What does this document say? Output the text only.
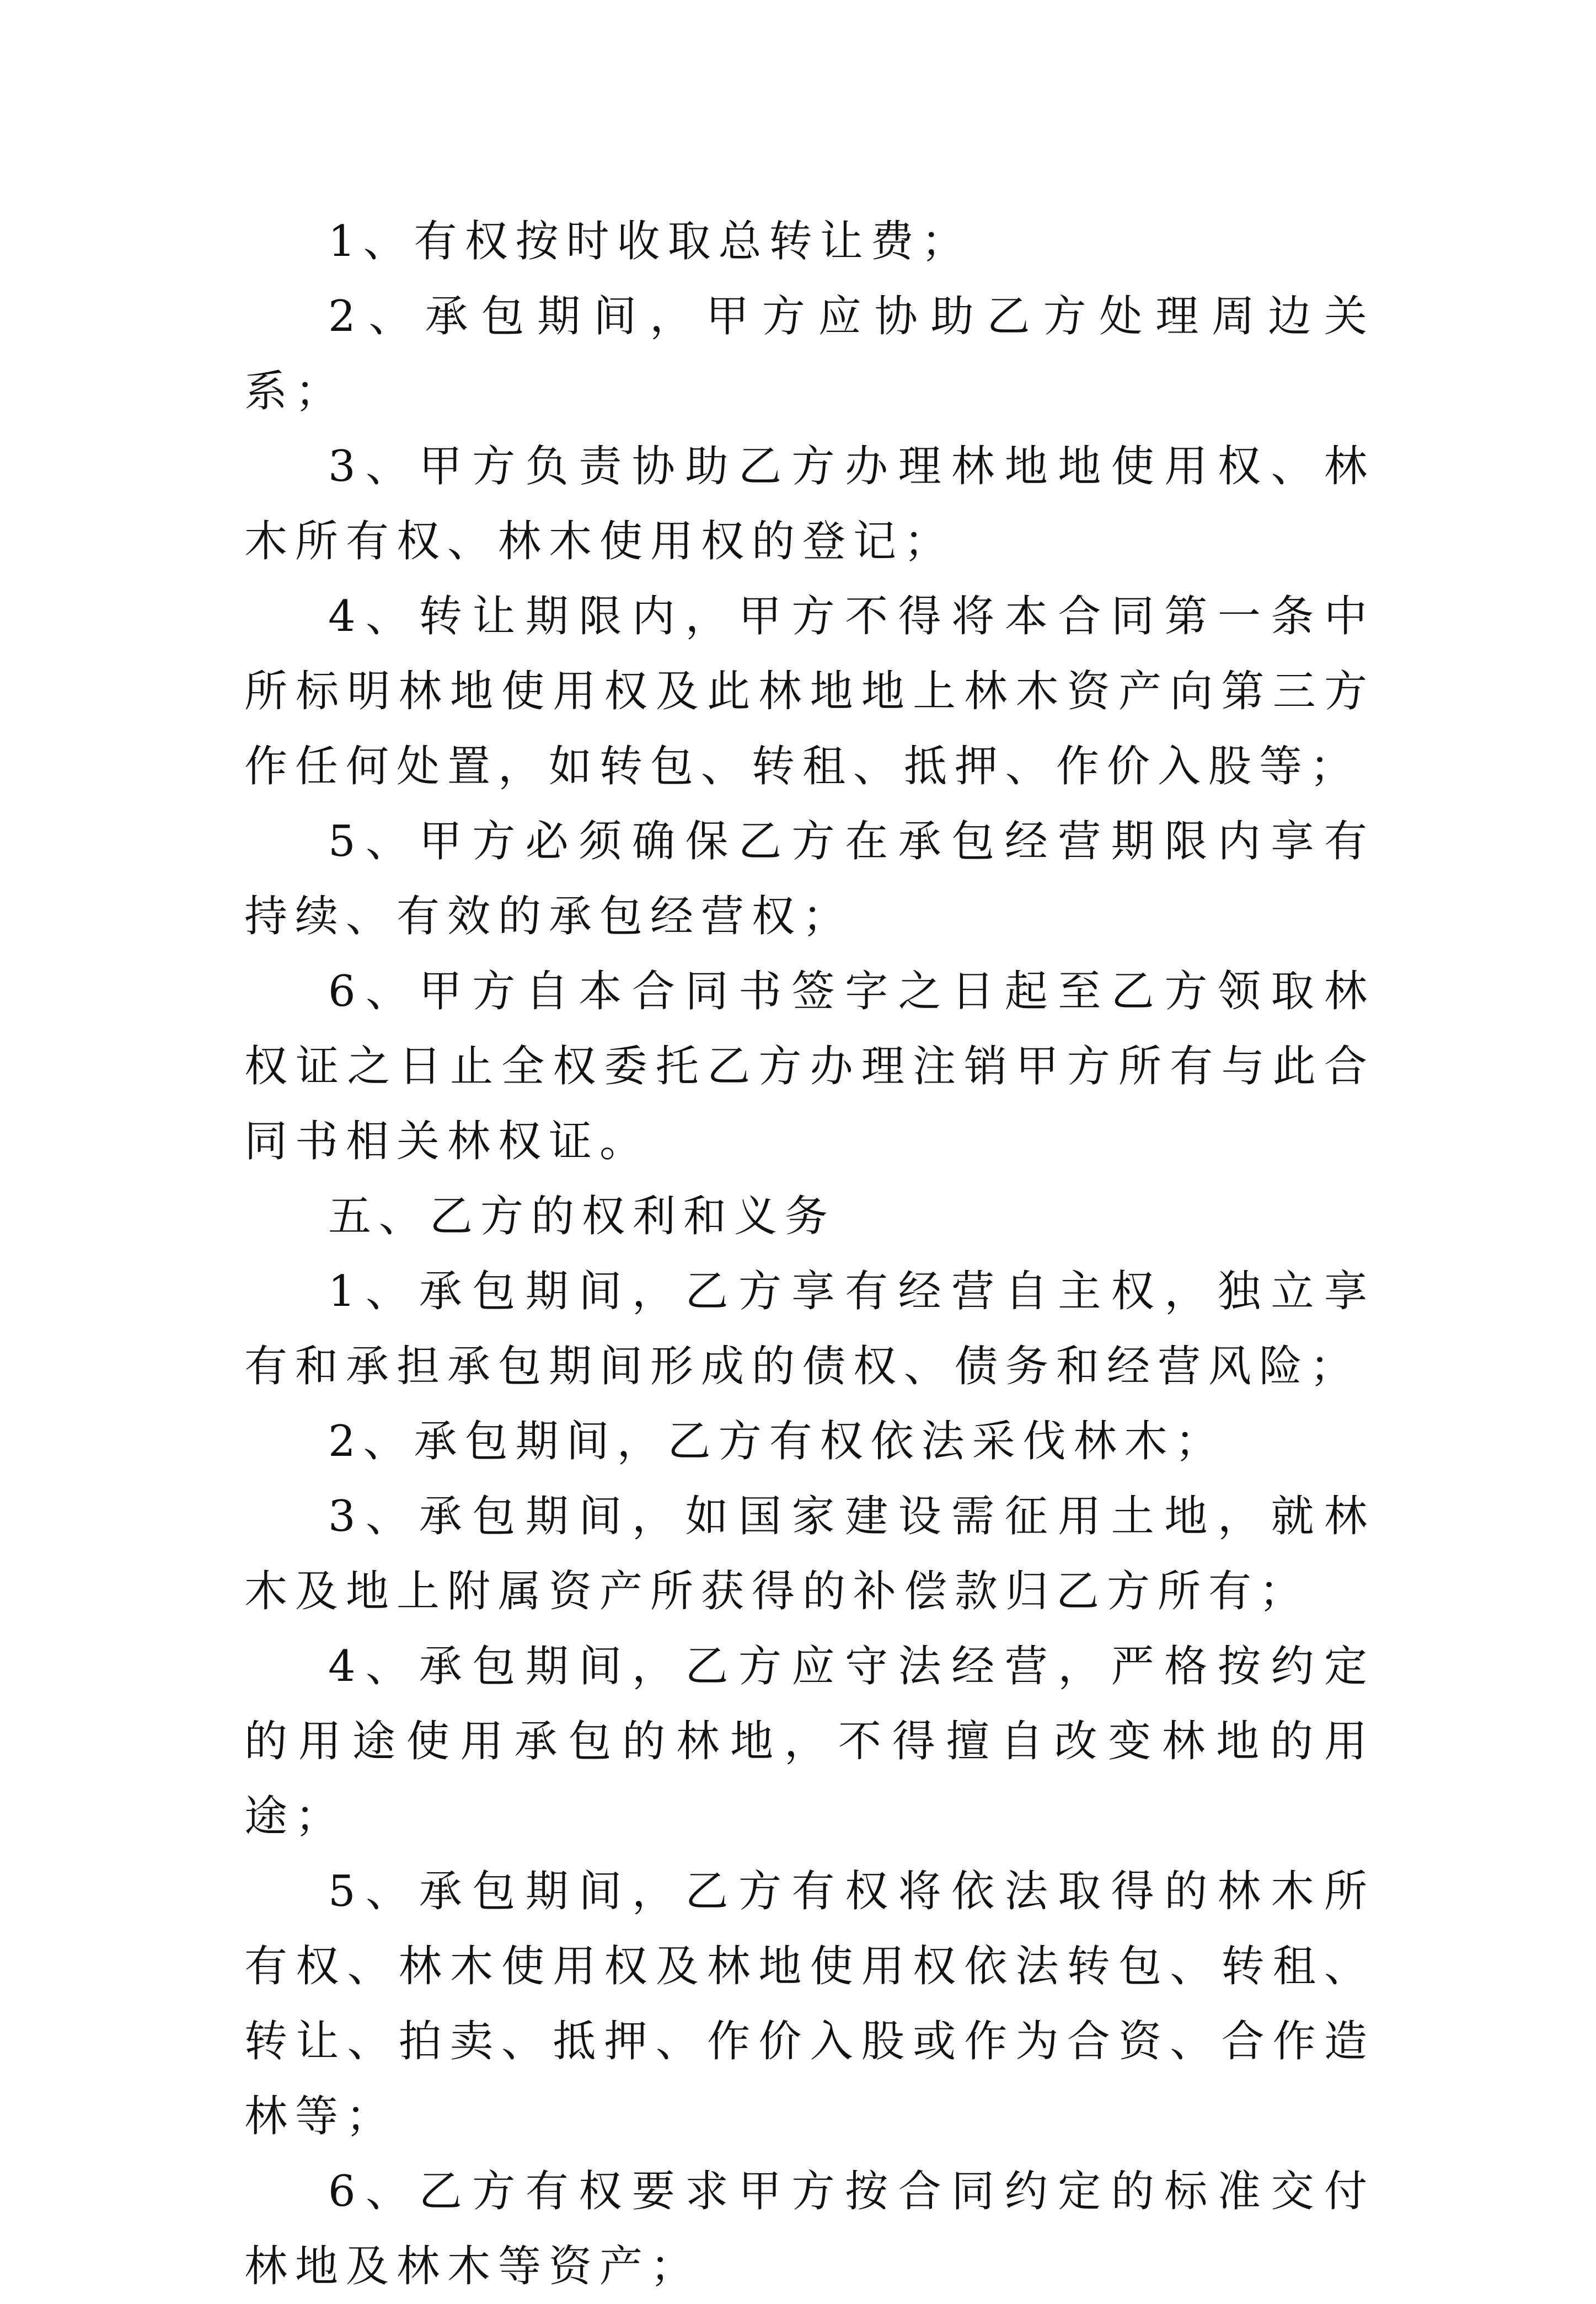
1、有权按时收取总转让费；

2、承包期间，甲方应协助乙方处理周边关系；

3、甲方负责协助乙方办理林地地使用权、林木所有权、林木使用权的登记；

4、转让期限内，甲方不得将本合同第一条中所标明林地使用权及此林地地上林木资产向第三方作任何处置，如转包、转租、抵押、作价入股等；

5、甲方必须确保乙方在承包经营期限内享有持续、有效的承包经营权；

6、甲方自本合同书签字之日起至乙方领取林权证之日止全权委托乙方办理注销甲方所有与此合同书相关林权证。

五、乙方的权利和义务

1、承包期间，乙方享有经营自主权，独立享有和承担承包期间形成的债权、债务和经营风险；

2、承包期间，乙方有权依法采伐林木；

3、承包期间，如国家建设需征用土地，就林木及地上附属资产所获得的补偿款归乙方所有；

4、承包期间，乙方应守法经营，严格按约定的用途使用承包的林地，不得擅自改变林地的用途；

5、承包期间，乙方有权将依法取得的林木所有权、林木使用权及林地使用权依法转包、转租、转让、拍卖、抵押、作价入股或作为合资、合作造林等；

6、乙方有权要求甲方按合同约定的标准交付林地及林木等资产；
